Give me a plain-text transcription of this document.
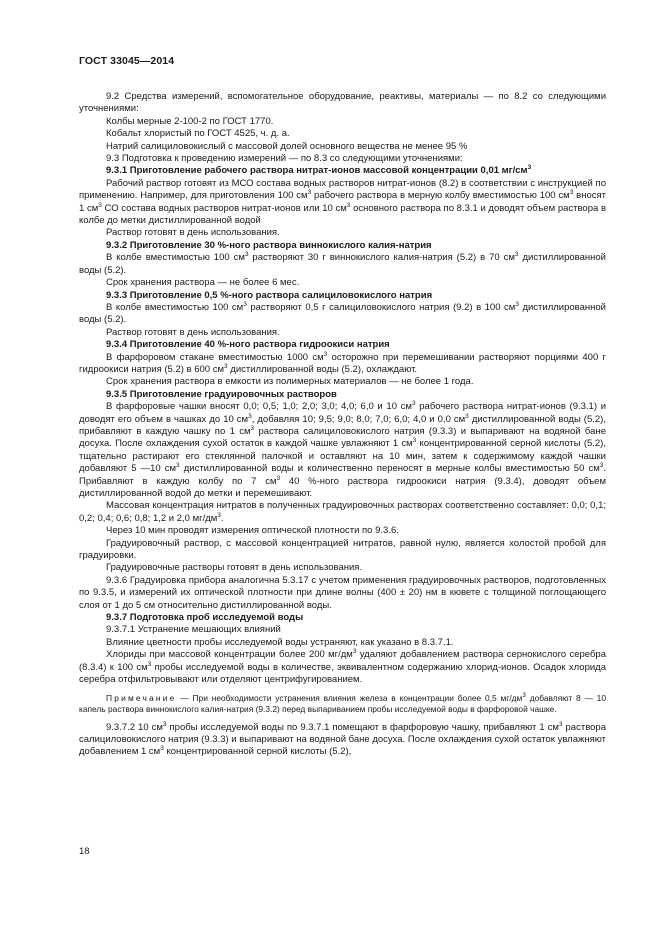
ГОСТ 33045—2014

9.2 Средства измерений, вспомогательное оборудование, реактивы, материалы — по 8.2 со следующими уточнениями:

Колбы мерные 2-100-2 по ГОСТ 1770.

Кобальт хлористый по ГОСТ 4525, ч. д. а.

Натрий салициловокислый с массовой долей основного вещества не менее 95 %

9.3 Подготовка к проведению измерений — по 8.3 со следующими уточнениями:

9.3.1 Приготовление рабочего раствора нитрат-ионов массовой концентрации 0,01 $мг/см^3$

Рабочий раствор готовят из МСО состава водных растворов нитрат-ионов (8.2) в соответствии с инструкцией по применению. Например, для приготовления 100 $см^3$ рабочего раствора в мерную колбу вместимостью 100 $см^3$ вносят 1 $см^3$ СО состава водных растворов нитрат-ионов или 10 $см^3$ основного раствора по 8.3.1 и доводят объем раствора в колбе до метки дистиллированной водой

Раствор готовят в день использования.

9.3.2 Приготовление 30 %-ного раствора виннокислого калия-натрия

В колбе вместимостью 100 $см^3$ растворяют 30 г виннокислого калия-натрия (5.2) в 70 $см^3$ дистиллированной воды (5.2).

Срок хранения раствора — не более 6 мес.

9.3.3 Приготовление 0,5 %-ного раствора салициловокислого натрия

В колбе вместимостью 100 $см^3$ растворяют 0,5 г салициловокислого натрия (9.2) в 100 $см^3$ дистиллированной воды (5.2).

Раствор готовят в день использования.

9.3.4 Приготовление 40 %-ного раствора гидроокиси натрия

В фарфоровом стакане вместимостью 1000 $см^3$ осторожно при перемешивании растворяют порциями 400 г гидроокиси натрия (5.2) в 600 $см^3$ дистиллированной воды (5.2), охлаждают.

Срок хранения раствора в емкости из полимерных материалов — не более 1 года.

9.3.5 Приготовление градуировочных растворов

В фарфоровые чашки вносят 0,0; 0,5; 1,0; 2,0; 3,0; 4,0; 6,0 и 10 $см^3$ рабочего раствора нитрат-ионов (9.3.1) и доводят его объем в чашках до 10 $см^3$, добавляя 10; 9,5; 9,0; 8,0; 7,0; 6,0; 4,0 и 0,0 $см^3$ дистиллированной воды (5.2), прибавляют в каждую чашку по 1 $см^3$ раствора салициловокислого натрия (9.3.3) и выпаривают на водяной бане досуха. После охлаждения сухой остаток в каждой чашке увлажняют 1 $см^3$ концентрированной серной кислоты (5.2), тщательно растирают его стеклянной палочкой и оставляют на 10 мин, затем к содержимому каждой чашки добавляют 5 —10 $см^3$ дистиллированной воды и количественно переносят в мерные колбы вместимостью 50 $см^3$. Прибавляют в каждую колбу по 7 $см^3$ 40 %-ного раствора гидроокиси натрия (9.3.4), доводят объем дистиллированной водой до метки и перемешивают.

Массовая концентрация нитратов в полученных градуировочных растворах соответственно составляет: 0,0; 0,1; 0,2; 0,4; 0,6; 0,8; 1,2 и 2,0 $мг/дм^3$.

Через 10 мин проводят измерения оптической плотности по 9.3.6.

Градуировочный раствор, с массовой концентрацией нитратов, равной нулю, является холостой пробой для градуировки.

Градуировочные растворы готовят в день использования.

9.3.6 Градуировка прибора аналогична 5.3.17 с учетом применения градуировочных растворов, подготовленных по 9.3.5, и измерений их оптической плотности при длине волны (400 ± 20) нм в кювете с толщиной поглощающего слоя от 1 до 5 см относительно дистиллированной воды.

9.3.7 Подготовка проб исследуемой воды

9.3.7.1 Устранение мешающих влияний

Влияние цветности пробы исследуемой воды устраняют, как указано в 8.3.7.1.

Хлориды при массовой концентрации более 200 $мг/дм^3$ удаляют добавлением раствора сернокислого серебра (8.3.4) к 100 $см^3$ пробы исследуемой воды в количестве, эквивалентном содержанию хлорид-ионов. Осадок хлорида серебра отфильтровывают или отделяют центрифугированием.

Примечание — При необходимости устранения влияния железа в концентрации более 0,5 $мг/дм^3$ добавляют 8 — 10 капель раствора виннокислого калия-натрия (9.3.2) перед выпариванием пробы исследуемой воды в фарфоровой чашке.

9.3.7.2 10 $см^3$ пробы исследуемой воды по 9.3.7.1 помещают в фарфоровую чашку, прибавляют 1 $см^3$ раствора салициловокислого натрия (9.3.3) и выпаривают на водяной бане досуха. После охлаждения сухой остаток увлажняют добавлением 1 $см^3$ концентрированной серной кислоты (5.2),

18
